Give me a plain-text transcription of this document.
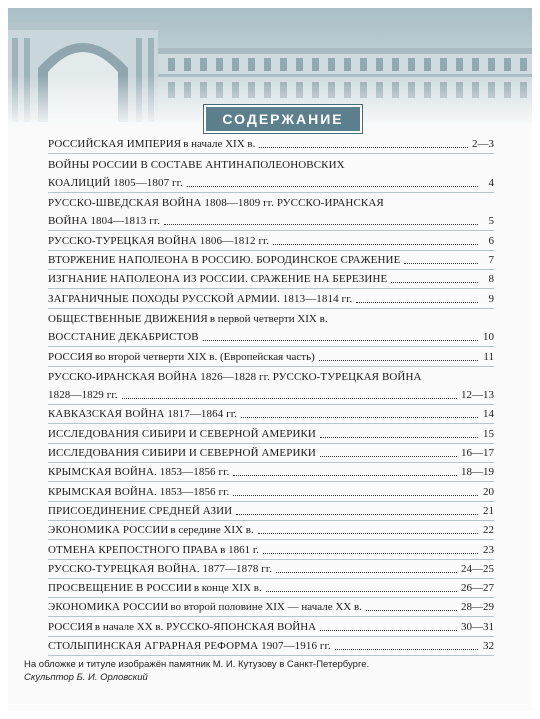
СОДЕРЖАНИЕ
РОССИЙСКАЯ ИМПЕРИЯ в начале XIX в.	2—3
ВОЙНЫ РОССИИ В СОСТАВЕ АНТИНАПОЛЕОНОВСКИХ
КОАЛИЦИЙ 1805—1807 гг.	4
РУССКО-ШВЕДСКАЯ ВОЙНА 1808—1809 гг. РУССКО-ИРАНСКАЯ
ВОЙНА 1804—1813 гг.	5
РУССКО-ТУРЕЦКАЯ ВОЙНА 1806—1812 гг.	6
ВТОРЖЕНИЕ НАПОЛЕОНА В РОССИЮ. БОРОДИНСКОЕ СРАЖЕНИЕ	7
ИЗГНАНИЕ НАПОЛЕОНА ИЗ РОССИИ. СРАЖЕНИЕ НА БЕРЕЗИНЕ	8
ЗАГРАНИЧНЫЕ ПОХОДЫ РУССКОЙ АРМИИ. 1813—1814 гг.	9
ОБЩЕСТВЕННЫЕ ДВИЖЕНИЯ в первой четверти XIX в.
ВОССТАНИЕ ДЕКАБРИСТОВ	10
РОССИЯ во второй четверти XIX в. (Европейская часть)	11
РУССКО-ИРАНСКАЯ ВОЙНА 1826—1828 гг. РУССКО-ТУРЕЦКАЯ ВОЙНА
1828—1829 гг.	12—13
КАВКАЗСКАЯ ВОЙНА 1817—1864 гг.	14
ИССЛЕДОВАНИЯ СИБИРИ И СЕВЕРНОЙ АМЕРИКИ	15
ИССЛЕДОВАНИЯ СИБИРИ И СЕВЕРНОЙ АМЕРИКИ	16—17
КРЫМСКАЯ ВОЙНА. 1853—1856 гг.	18—19
КРЫМСКАЯ ВОЙНА. 1853—1856 гг.	20
ПРИСОЕДИНЕНИЕ СРЕДНЕЙ АЗИИ	21
ЭКОНОМИКА РОССИИ в середине XIX в.	22
ОТМЕНА КРЕПОСТНОГО ПРАВА в 1861 г.	23
РУССКО-ТУРЕЦКАЯ ВОЙНА. 1877—1878 гг.	24—25
ПРОСВЕЩЕНИЕ В РОССИИ в конце XIX в.	26—27
ЭКОНОМИКА РОССИИ во второй половине XIX — начале XX в.	28—29
РОССИЯ в начале XX в. РУССКО-ЯПОНСКАЯ ВОЙНА	30—31
СТОЛЫПИНСКАЯ АГРАРНАЯ РЕФОРМА 1907—1916 гг.	32
На обложке и титуле изображён памятник М. И. Кутузову в Санкт-Петербурге.
Скульптор Б. И. Орловский
